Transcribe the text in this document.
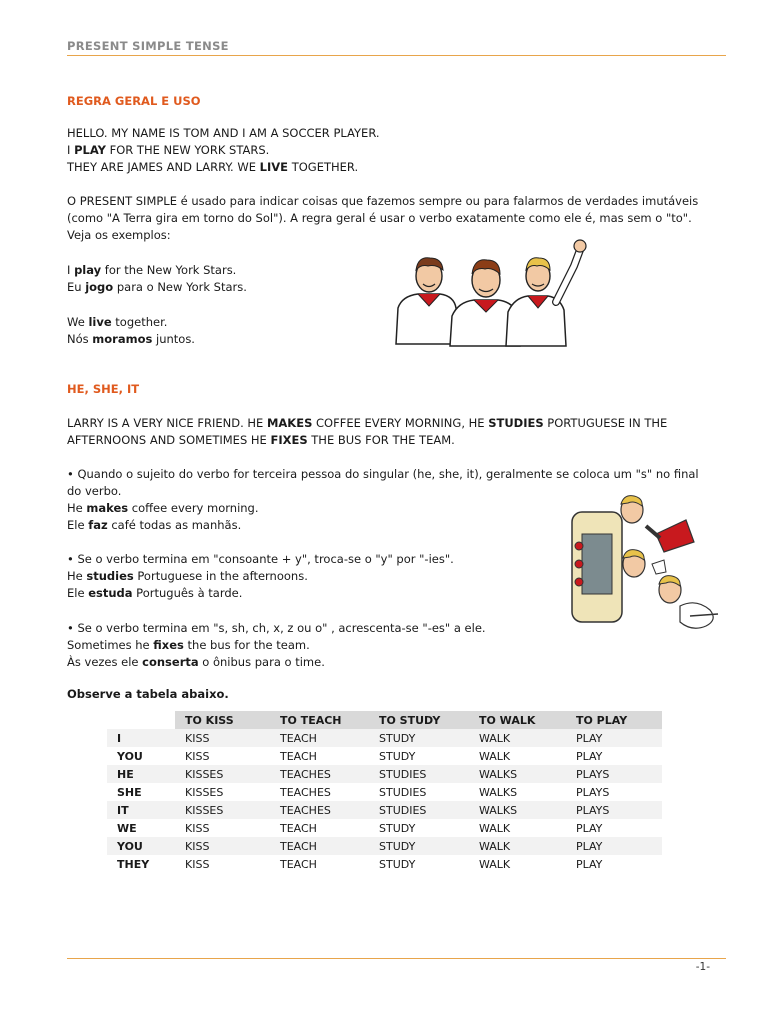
PRESENT SIMPLE TENSE
REGRA GERAL E USO
HELLO. MY NAME IS TOM AND I AM A SOCCER PLAYER.
I PLAY FOR THE NEW YORK STARS.
THEY ARE JAMES AND LARRY. WE LIVE TOGETHER.
O PRESENT SIMPLE é usado para indicar coisas que fazemos sempre ou para falarmos de verdades imutáveis
(como "A Terra gira em torno do Sol"). A regra geral é usar o verbo exatamente como ele é, mas sem o "to".
Veja os exemplos:
I play for the New York Stars.
Eu jogo para o New York Stars.
We live together.
Nós moramos juntos.
HE, SHE, IT
LARRY IS A VERY NICE FRIEND. HE MAKES COFFEE EVERY MORNING, HE STUDIES PORTUGUESE IN THE
AFTERNOONS AND SOMETIMES HE FIXES THE BUS FOR THE TEAM.
• Quando o sujeito do verbo for terceira pessoa do singular (he, she, it), geralmente se coloca um "s" no final
do verbo.
He makes coffee every morning.
Ele faz café todas as manhãs.
• Se o verbo termina em "consoante + y", troca-se o "y" por "-ies".
He studies Portuguese in the afternoons.
Ele estuda Português à tarde.
• Se o verbo termina em "s, sh, ch, x, z ou o" , acrescenta-se "-es" a ele.
Sometimes he fixes the bus for the team.
Às vezes ele conserta o ônibus para o time.
Observe a tabela abaixo.
	TO KISS	TO TEACH	TO STUDY	TO WALK	TO PLAY
I	KISS	TEACH	STUDY	WALK	PLAY
YOU	KISS	TEACH	STUDY	WALK	PLAY
HE	KISSES	TEACHES	STUDIES	WALKS	PLAYS
SHE	KISSES	TEACHES	STUDIES	WALKS	PLAYS
IT	KISSES	TEACHES	STUDIES	WALKS	PLAYS
WE	KISS	TEACH	STUDY	WALK	PLAY
YOU	KISS	TEACH	STUDY	WALK	PLAY
THEY	KISS	TEACH	STUDY	WALK	PLAY
-1-
